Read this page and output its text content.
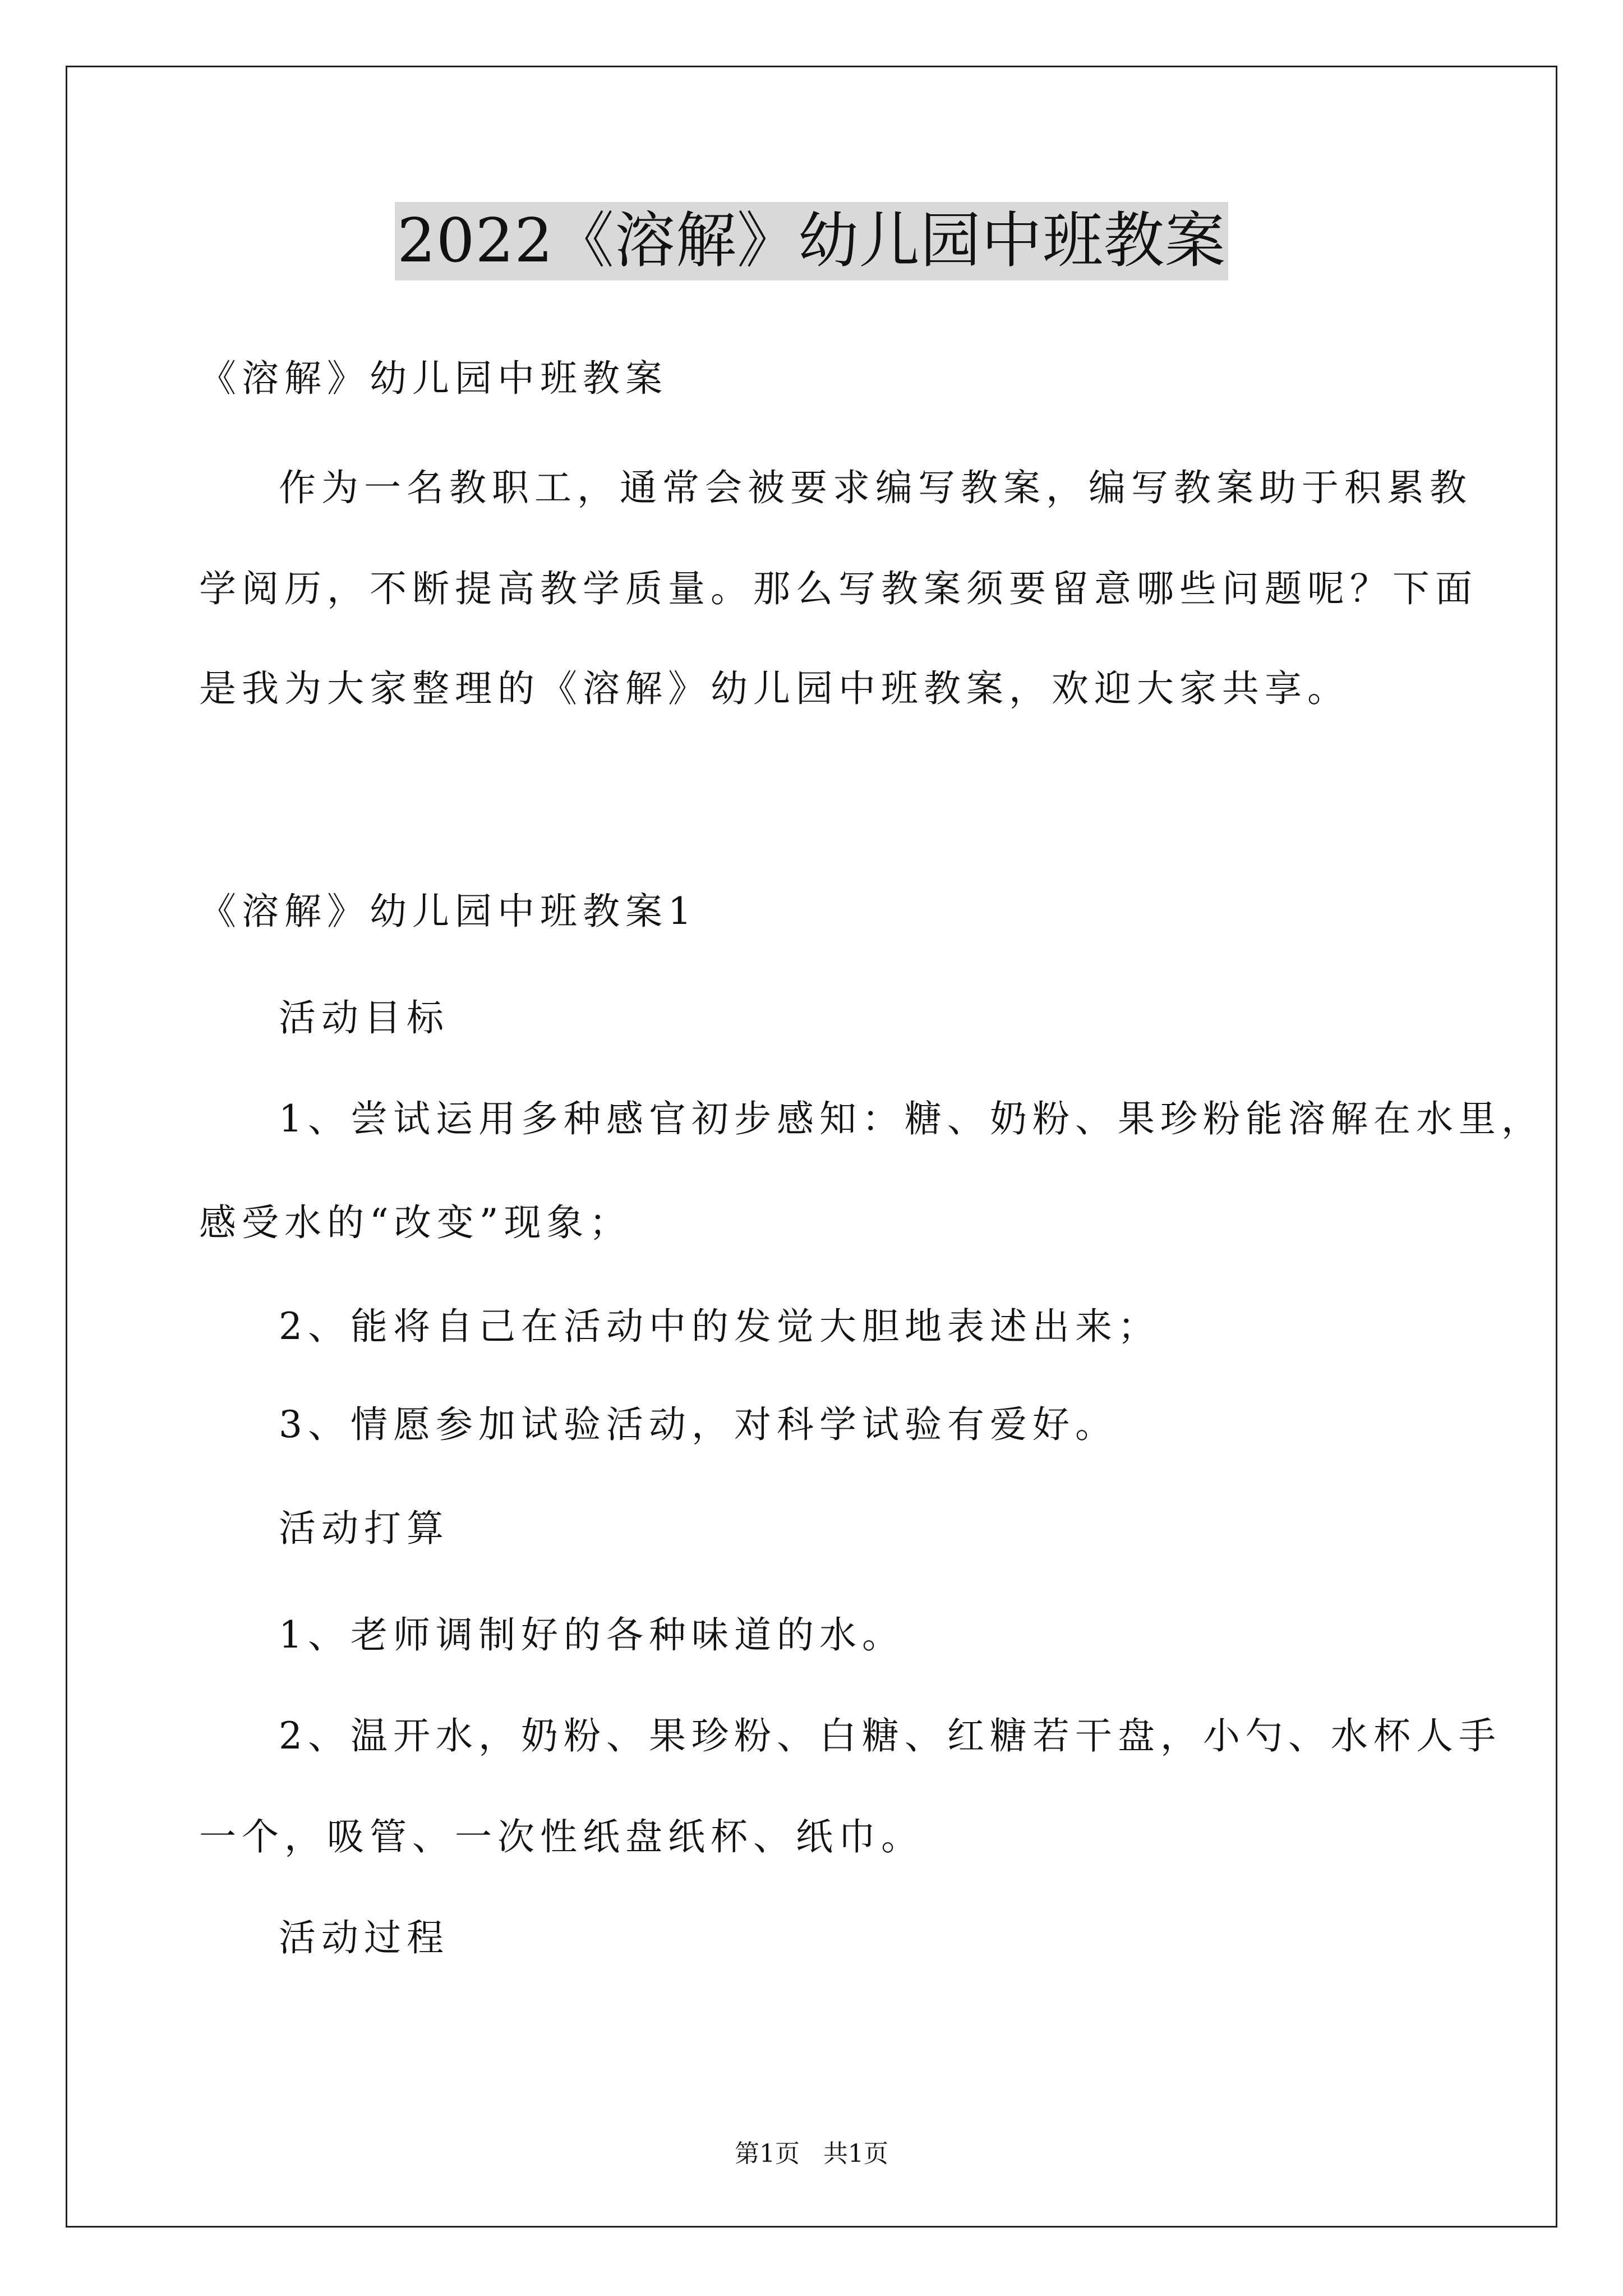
2022《溶解》幼儿园中班教案
《溶解》幼儿园中班教案
作为一名教职工，通常会被要求编写教案，编写教案助于积累教
学阅历，不断提高教学质量。那么写教案须要留意哪些问题呢？下面
是我为大家整理的《溶解》幼儿园中班教案，欢迎大家共享。
《溶解》幼儿园中班教案1
活动目标
1、尝试运用多种感官初步感知：糖、奶粉、果珍粉能溶解在水里，
感受水的“改变”现象；
2、能将自己在活动中的发觉大胆地表述出来；
3、情愿参加试验活动，对科学试验有爱好。
活动打算
1、老师调制好的各种味道的水。
2、温开水，奶粉、果珍粉、白糖、红糖若干盘，小勺、水杯人手
一个，吸管、一次性纸盘纸杯、纸巾。
活动过程
第1页   共1页
